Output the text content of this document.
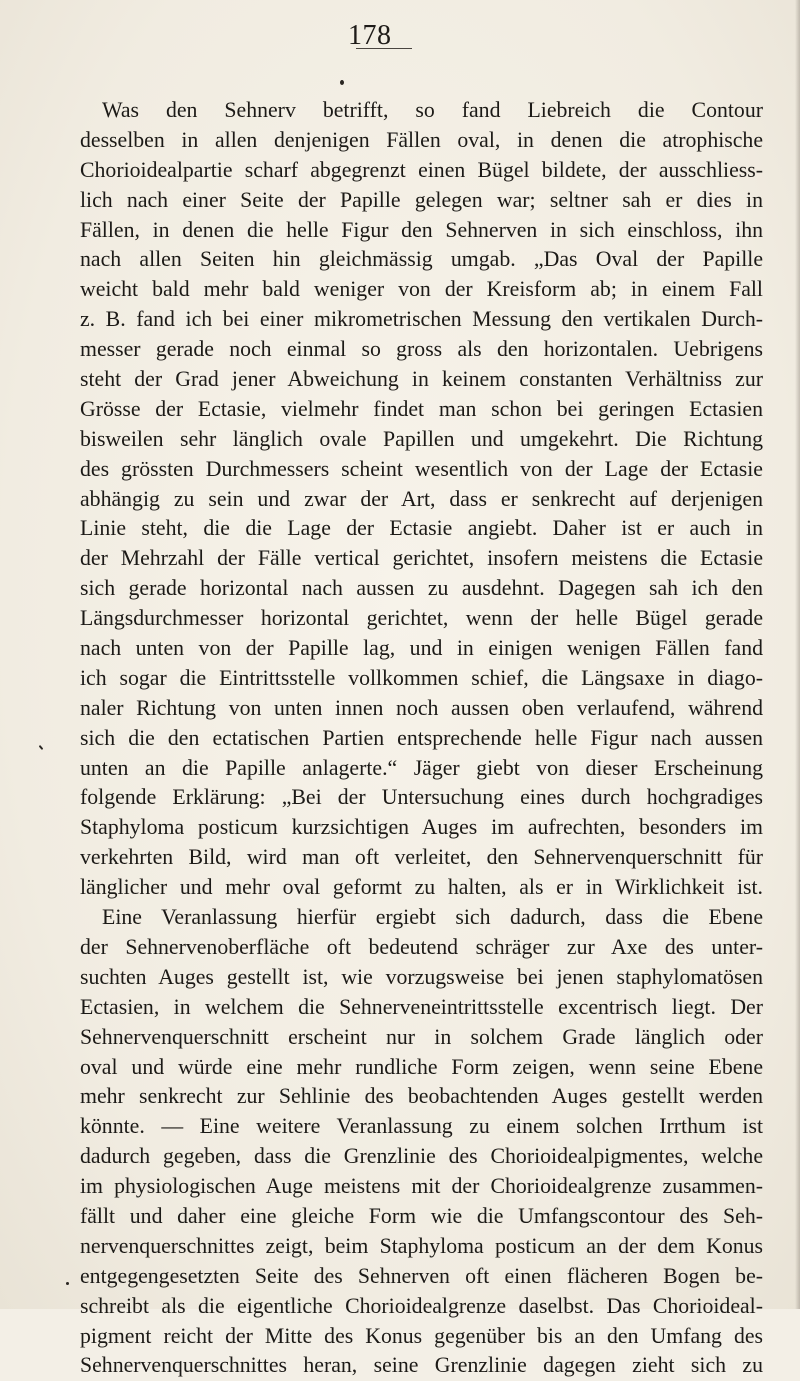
178
Was den Sehnerv betrifft, so fand Liebreich die Contour
desselben in allen denjenigen Fällen oval, in denen die atrophische
Chorioidealpartie scharf abgegrenzt einen Bügel bildete, der ausschliess-
lich nach einer Seite der Papille gelegen war; seltner sah er dies in
Fällen, in denen die helle Figur den Sehnerven in sich einschloss, ihn
nach allen Seiten hin gleichmässig umgab. „Das Oval der Papille
weicht bald mehr bald weniger von der Kreisform ab; in einem Fall
z. B. fand ich bei einer mikrometrischen Messung den vertikalen Durch-
messer gerade noch einmal so gross als den horizontalen. Uebrigens
steht der Grad jener Abweichung in keinem constanten Verhältniss zur
Grösse der Ectasie, vielmehr findet man schon bei geringen Ectasien
bisweilen sehr länglich ovale Papillen und umgekehrt. Die Richtung
des grössten Durchmessers scheint wesentlich von der Lage der Ectasie
abhängig zu sein und zwar der Art, dass er senkrecht auf derjenigen
Linie steht, die die Lage der Ectasie angiebt. Daher ist er auch in
der Mehrzahl der Fälle vertical gerichtet, insofern meistens die Ectasie
sich gerade horizontal nach aussen zu ausdehnt. Dagegen sah ich den
Längsdurchmesser horizontal gerichtet, wenn der helle Bügel gerade
nach unten von der Papille lag, und in einigen wenigen Fällen fand
ich sogar die Eintrittsstelle vollkommen schief, die Längsaxe in diago-
naler Richtung von unten innen noch aussen oben verlaufend, während
sich die den ectatischen Partien entsprechende helle Figur nach aussen
unten an die Papille anlagerte.“ Jäger giebt von dieser Erscheinung
folgende Erklärung: „Bei der Untersuchung eines durch hochgradiges
Staphyloma posticum kurzsichtigen Auges im aufrechten, besonders im
verkehrten Bild, wird man oft verleitet, den Sehnervenquerschnitt für
länglicher und mehr oval geformt zu halten, als er in Wirklichkeit ist.
Eine Veranlassung hierfür ergiebt sich dadurch, dass die Ebene
der Sehnervenoberfläche oft bedeutend schräger zur Axe des unter-
suchten Auges gestellt ist, wie vorzugsweise bei jenen staphylomatösen
Ectasien, in welchem die Sehnerveneintrittsstelle excentrisch liegt. Der
Sehnervenquerschnitt erscheint nur in solchem Grade länglich oder
oval und würde eine mehr rundliche Form zeigen, wenn seine Ebene
mehr senkrecht zur Sehlinie des beobachtenden Auges gestellt werden
könnte. — Eine weitere Veranlassung zu einem solchen Irrthum ist
dadurch gegeben, dass die Grenzlinie des Chorioidealpigmentes, welche
im physiologischen Auge meistens mit der Chorioidealgrenze zusammen-
fällt und daher eine gleiche Form wie die Umfangscontour des Seh-
nervenquerschnittes zeigt, beim Staphyloma posticum an der dem Konus
entgegengesetzten Seite des Sehnerven oft einen flächeren Bogen be-
schreibt als die eigentliche Chorioidealgrenze daselbst. Das Chorioideal-
pigment reicht der Mitte des Konus gegenüber bis an den Umfang des
Sehnervenquerschnittes heran, seine Grenzlinie dagegen zieht sich zu
